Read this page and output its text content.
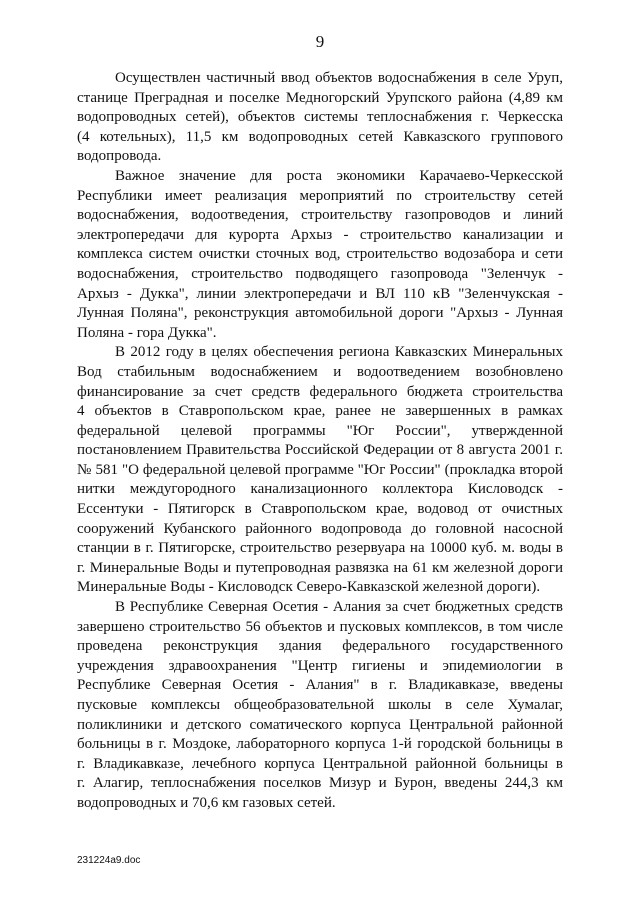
9

Осуществлен частичный ввод объектов водоснабжения в селе Уруп,
станице Преградная и поселке Медногорский Урупского района (4,89 км
водопроводных сетей), объектов системы теплоснабжения г. Черкесска
(4 котельных), 11,5 км водопроводных сетей Кавказского группового
водопровода.

Важное значение для роста экономики Карачаево-Черкесской
Республики имеет реализация мероприятий по строительству сетей
водоснабжения, водоотведения, строительству газопроводов и линий
электропередачи для курорта Архыз - строительство канализации и
комплекса систем очистки сточных вод, строительство водозабора и сети
водоснабжения, строительство подводящего газопровода "Зеленчук -
Архыз - Дукка", линии электропередачи и ВЛ 110 кВ "Зеленчукская -
Лунная Поляна", реконструкция автомобильной дороги "Архыз - Лунная
Поляна - гора Дукка".

В 2012 году в целях обеспечения региона Кавказских Минеральных
Вод стабильным водоснабжением и водоотведением возобновлено
финансирование за счет средств федерального бюджета строительства
4 объектов в Ставропольском крае, ранее не завершенных в рамках
федеральной целевой программы "Юг России", утвержденной
постановлением Правительства Российской Федерации от 8 августа 2001 г.
№ 581 "О федеральной целевой программе "Юг России" (прокладка второй
нитки междугородного канализационного коллектора Кисловодск -
Ессентуки - Пятигорск в Ставропольском крае, водовод от очистных
сооружений Кубанского районного водопровода до головной насосной
станции в г. Пятигорске, строительство резервуара на 10000 куб. м. воды в
г. Минеральные Воды и путепроводная развязка на 61 км железной дороги
Минеральные Воды - Кисловодск Северо-Кавказской железной дороги).

В Республике Северная Осетия - Алания за счет бюджетных средств
завершено строительство 56 объектов и пусковых комплексов, в том числе
проведена реконструкция здания федерального государственного
учреждения здравоохранения "Центр гигиены и эпидемиологии в
Республике Северная Осетия - Алания" в г. Владикавказе, введены
пусковые комплексы общеобразовательной школы в селе Хумалаг,
поликлиники и детского соматического корпуса Центральной районной
больницы в г. Моздоке, лабораторного корпуса 1-й городской больницы в
г. Владикавказе, лечебного корпуса Центральной районной больницы в
г. Алагир, теплоснабжения поселков Мизур и Бурон, введены 244,3 км
водопроводных и 70,6 км газовых сетей.

231224a9.doc
